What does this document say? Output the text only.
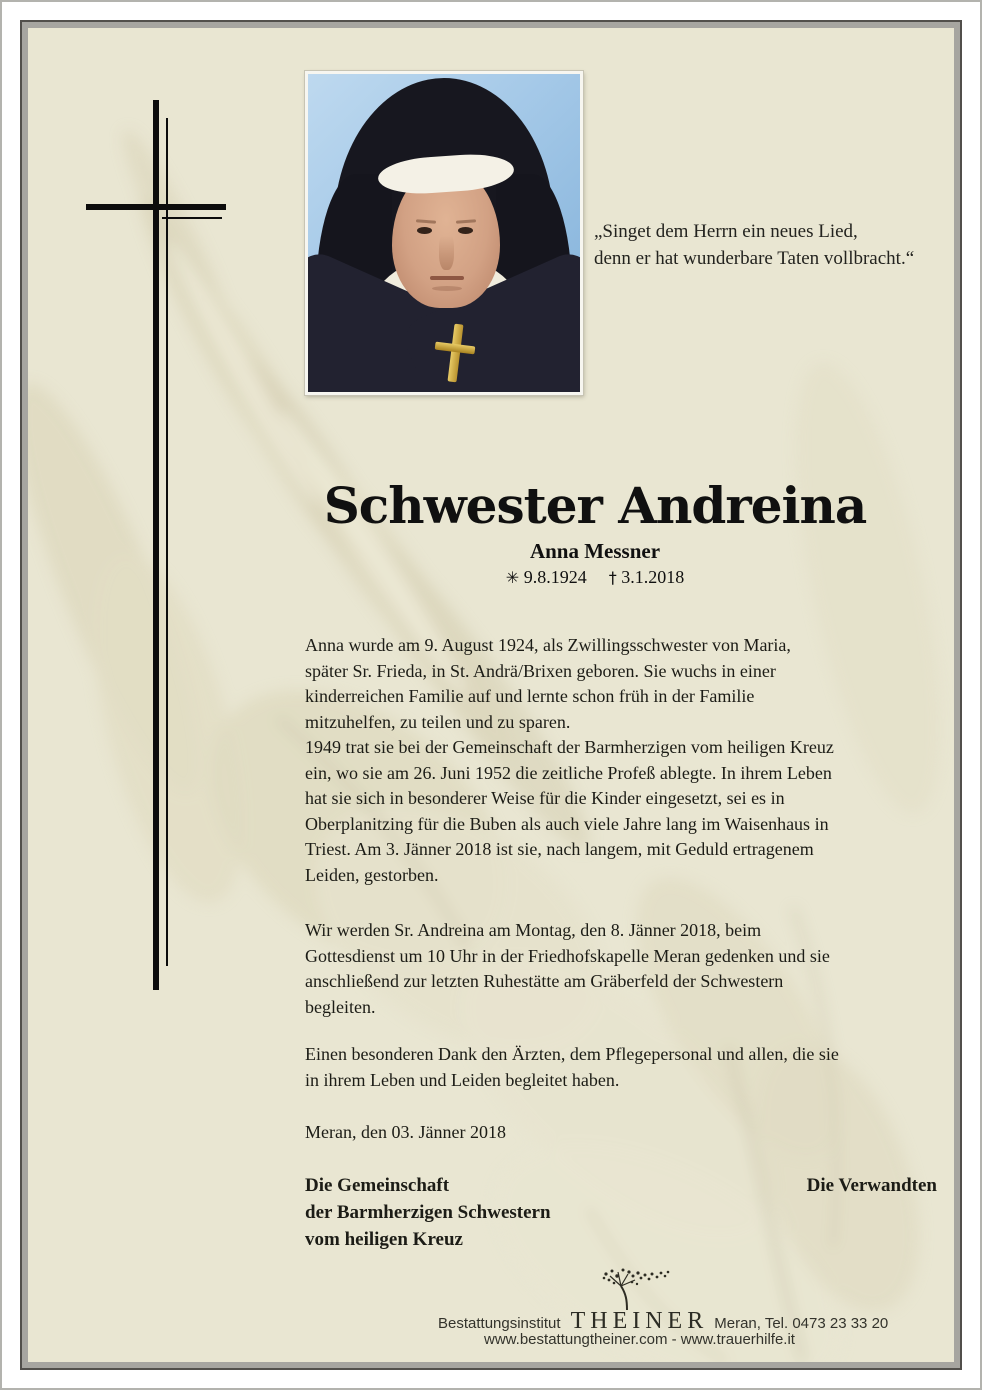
„Singet dem Herrn ein neues Lied,
denn er hat wunderbare Taten vollbracht.“
Schwester Andreina
Anna Messner
✳ 9.8.1924 † 3.1.2018
Anna wurde am 9. August 1924, als Zwillingsschwester von Maria,
später Sr. Frieda, in St. Andrä/Brixen geboren. Sie wuchs in einer
kinderreichen Familie auf und lernte schon früh in der Familie
mitzuhelfen, zu teilen und zu sparen.
1949 trat sie bei der Gemeinschaft der Barmherzigen vom heiligen Kreuz
ein, wo sie am 26. Juni 1952 die zeitliche Profeß ablegte. In ihrem Leben
hat sie sich in besonderer Weise für die Kinder eingesetzt, sei es in
Oberplanitzing für die Buben als auch viele Jahre lang im Waisenhaus in
Triest. Am 3. Jänner 2018 ist sie, nach langem, mit Geduld ertragenem
Leiden, gestorben.
Wir werden Sr. Andreina am Montag, den 8. Jänner 2018, beim
Gottesdienst um 10 Uhr in der Friedhofskapelle Meran gedenken und sie
anschließend zur letzten Ruhestätte am Gräberfeld der Schwestern
begleiten.
Einen besonderen Dank den Ärzten, dem Pflegepersonal und allen, die sie
in ihrem Leben und Leiden begleitet haben.
Meran, den 03. Jänner 2018
Die Gemeinschaft
der Barmherzigen Schwestern
vom heiligen Kreuz
Die Verwandten
Bestattungsinstitut THEINER Meran, Tel. 0473 23 33 20
www.bestattungtheiner.com - www.trauerhilfe.it
